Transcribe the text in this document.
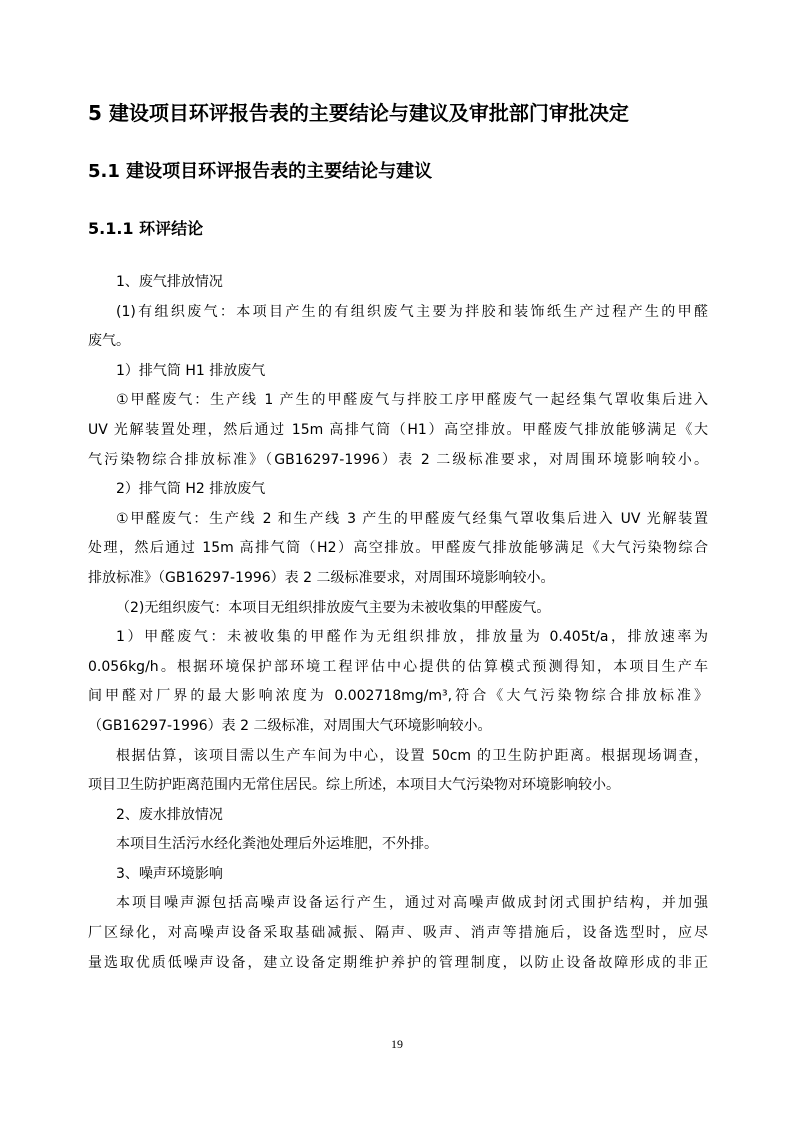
5 建设项目环评报告表的主要结论与建议及审批部门审批决定
5.1 建设项目环评报告表的主要结论与建议
5.1.1 环评结论
1、废气排放情况
(1)有组织废气：本项目产生的有组织废气主要为拌胶和装饰纸生产过程产生的甲醛
废气。
1）排气筒 H1 排放废气
①甲醛废气：生产线 1 产生的甲醛废气与拌胶工序甲醛废气一起经集气罩收集后进入
UV 光解装置处理，然后通过 15m 高排气筒（H1）高空排放。甲醛废气排放能够满足《大
气污染物综合排放标准》（GB16297-1996）表 2 二级标准要求，对周围环境影响较小。
2）排气筒 H2 排放废气
①甲醛废气：生产线 2 和生产线 3 产生的甲醛废气经集气罩收集后进入 UV 光解装置
处理，然后通过 15m 高排气筒（H2）高空排放。甲醛废气排放能够满足《大气污染物综合
排放标准》（GB16297-1996）表 2 二级标准要求，对周围环境影响较小。
（2)无组织废气：本项目无组织排放废气主要为未被收集的甲醛废气。
1）甲醛废气：未被收集的甲醛作为无组织排放，排放量为 0.405t/a，排放速率为
0.056kg/h。根据环境保护部环境工程评估中心提供的估算模式预测得知，本项目生产车
间甲醛对厂界的最大影响浓度为 0.002718mg/m³,符合《大气污染物综合排放标准》
（GB16297-1996）表 2 二级标准，对周围大气环境影响较小。
根据估算，该项目需以生产车间为中心，设置 50cm 的卫生防护距离。根据现场调查，
项目卫生防护距离范围内无常住居民。综上所述，本项目大气污染物对环境影响较小。
2、废水排放情况
本项目生活污水经化粪池处理后外运堆肥，不外排。
3、噪声环境影响
本项目噪声源包括高噪声设备运行产生，通过对高噪声做成封闭式围护结构，并加强
厂区绿化，对高噪声设备采取基础减振、隔声、吸声、消声等措施后，设备选型时，应尽
量选取优质低噪声设备，建立设备定期维护养护的管理制度，以防止设备故障形成的非正
19
